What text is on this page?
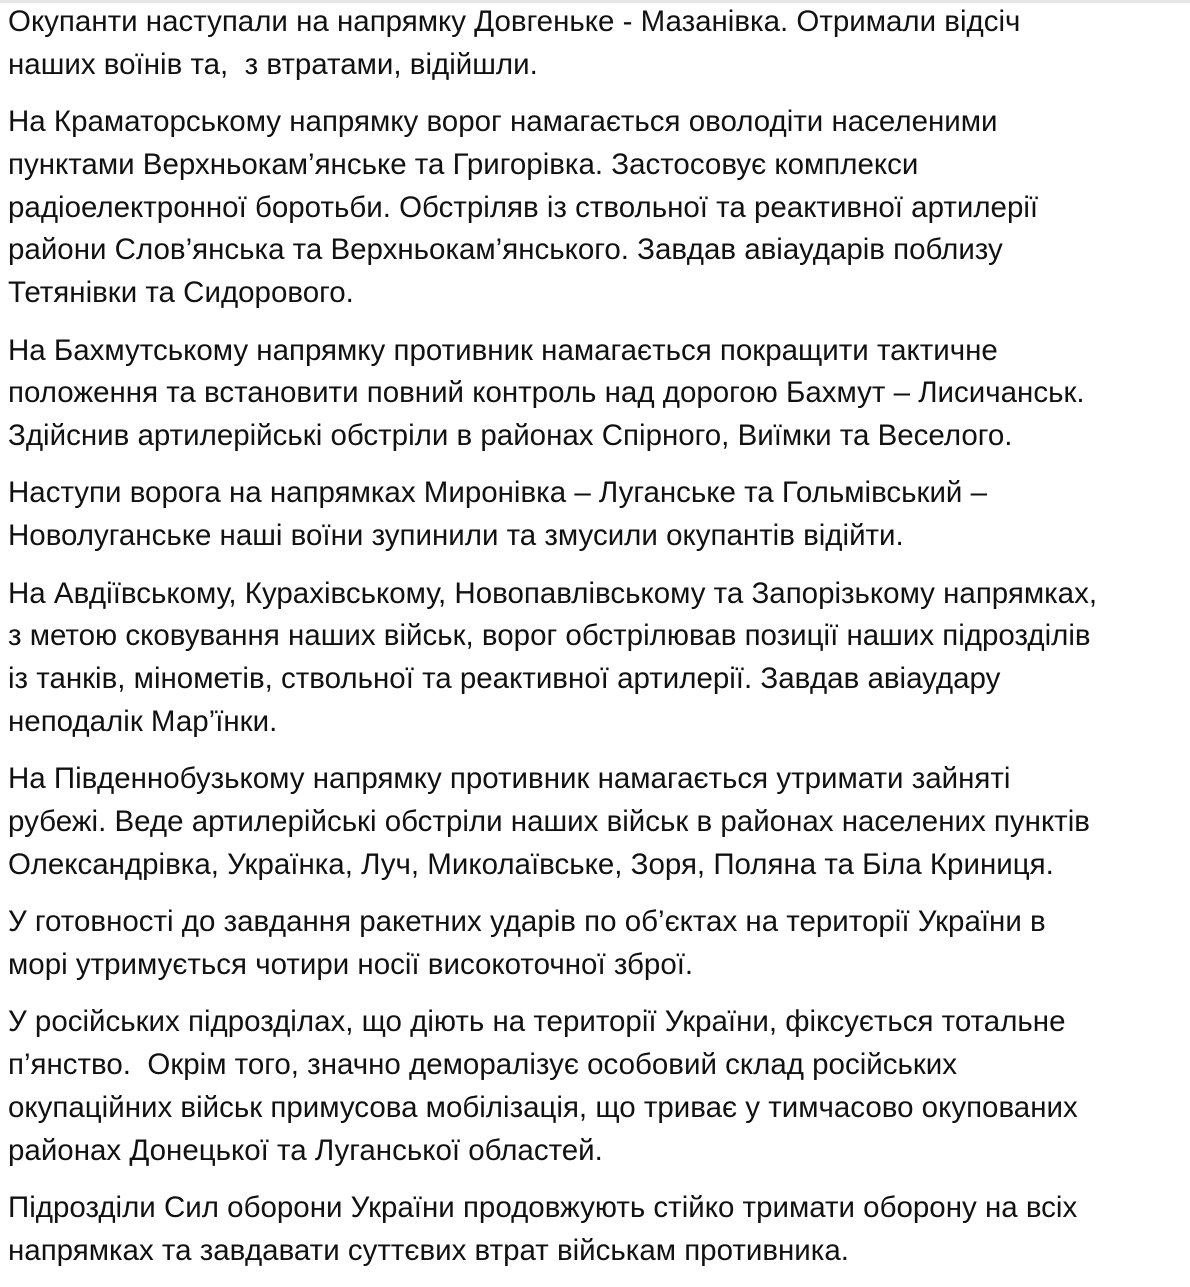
Окупанти наступали на напрямку Довгеньке - Мазанівка. Отримали відсіч
наших воїнів та,  з втратами, відійшли.
На Краматорському напрямку ворог намагається оволодіти населеними
пунктами Верхньокам’янське та Григорівка. Застосовує комплекси
радіоелектронної боротьби. Обстріляв із ствольної та реактивної артилерії
райони Слов’янська та Верхньокам’янського. Завдав авіаударів поблизу
Тетянівки та Сидорового.
На Бахмутському напрямку противник намагається покращити тактичне
положення та встановити повний контроль над дорогою Бахмут – Лисичанськ.
Здійснив артилерійські обстріли в районах Спірного, Виїмки та Веселого.
Наступи ворога на напрямках Миронівка – Луганське та Гольмівський –
Новолуганське наші воїни зупинили та змусили окупантів відійти.
На Авдіївському, Курахівському, Новопавлівському та Запорізькому напрямках,
з метою сковування наших військ, ворог обстрілював позиції наших підрозділів
із танків, мінометів, ствольної та реактивної артилерії. Завдав авіаудару
неподалік Мар’їнки.
На Південнобузькому напрямку противник намагається утримати зайняті
рубежі. Веде артилерійські обстріли наших військ в районах населених пунктів
Олександрівка, Українка, Луч, Миколаївське, Зоря, Поляна та Біла Криниця.
У готовності до завдання ракетних ударів по об’єктах на території України в
морі утримується чотири носії високоточної зброї.
У російських підрозділах, що діють на території України, фіксується тотальне
п’янство.  Окрім того, значно деморалізує особовий склад російських
окупаційних військ примусова мобілізація, що триває у тимчасово окупованих
районах Донецької та Луганської областей.
Підрозділи Сил оборони України продовжують стійко тримати оборону на всіх
напрямках та завдавати суттєвих втрат військам противника.
